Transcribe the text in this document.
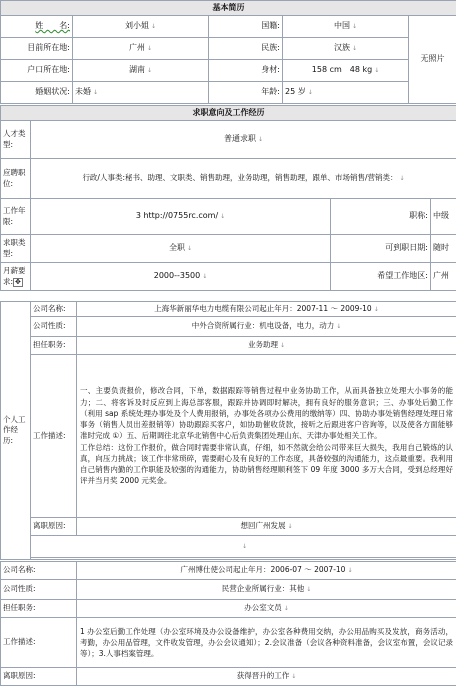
基本简历				
姓　　名:	刘小姐 ↓	国籍:	中国 ↓	无照片
目前所在地:	广州 ↓	民族:	汉族 ↓	
户口所在地:	湖南 ↓	身材:	158 cm　48 kg ↓	
婚姻状况:	未婚 ↓	年龄:	25 岁 ↓	
求职意向及工作经历			
人才类型:	普通求职 ↓		
应聘职位:	行政/人事类:秘书、助理、文职类、销售助理，业务助理，销售助理，跟单、市场销售/营销类： ↓		
工作年限:	3 http://0755rc.com/ ↓	职称:	中级
求职类型:	全职 ↓	可到职日期:	随时
月薪要求: ✥	2000--3500 ↓	希望工作地区:	广州
个人工作经历:	公司名称:	上海华新丽华电力电缆有限公司起止年月：2007-11 ～ 2009-10 ↓
	公司性质:	中外合资所属行业：机电设备，电力，动力 ↓
	担任职务:	业务助理 ↓
	工作描述:	一、主要负责报价，修改合同，下单，数据跟踪等销售过程中业务协助工作，从而具备独立处理大小事务的能力；二、将客诉及时反应到上海总部客服，跟踪并协调即时解决，拥有良好的服务意识；三、办事处后勤工作（利用 sap 系统处理办事处及个人费用报销，办事处各项办公费用的缴纳等）四、协助办事处销售经理处理日常事务（销售人员出差报销等）协助跟踪买客户，如协助催收货款，接听之后跟进客户咨询等，以及使各方面能够准时完成 ①）五、后期调往北京华北销售中心后负责集团处理山东、天津办事处相关工作。

工作总结：这份工作报价，做合同时需要非常认真，仔细，如不然就会给公司带来巨大损失，我用自己锻炼的认真，向压力挑战；该工作非常琐碎，需要耐心及有良好的工作态度，具备较强的沟通能力，这点最重要。我利用自己销售内勤的工作职能及较强的沟通能力，协助销售经理顺利签下 09 年度 3000 多万大合同，受到总经理好评并当月奖 2000 元奖金。

	离职原因:	想回广州发展 ↓
	↓	

公司名称:	广州博仕使公司起止年月：2006-07 ～ 2007-10 ↓
公司性质:	民营企业所属行业：其他 ↓
担任职务:	办公室文员 ↓
工作描述:	1 办公室后勤工作处理（办公室环境及办公设备维护，办公室各种费用交纳，办公用品购买及发放，商务活动，考勤，办公用品管理，文件收发管理，办公会议通知）；2.会议准备（会议各种资料准备，会议室布置，会议记录等）；3.人事档案管理。

离职原因:	获得晋升的工作 ↓
